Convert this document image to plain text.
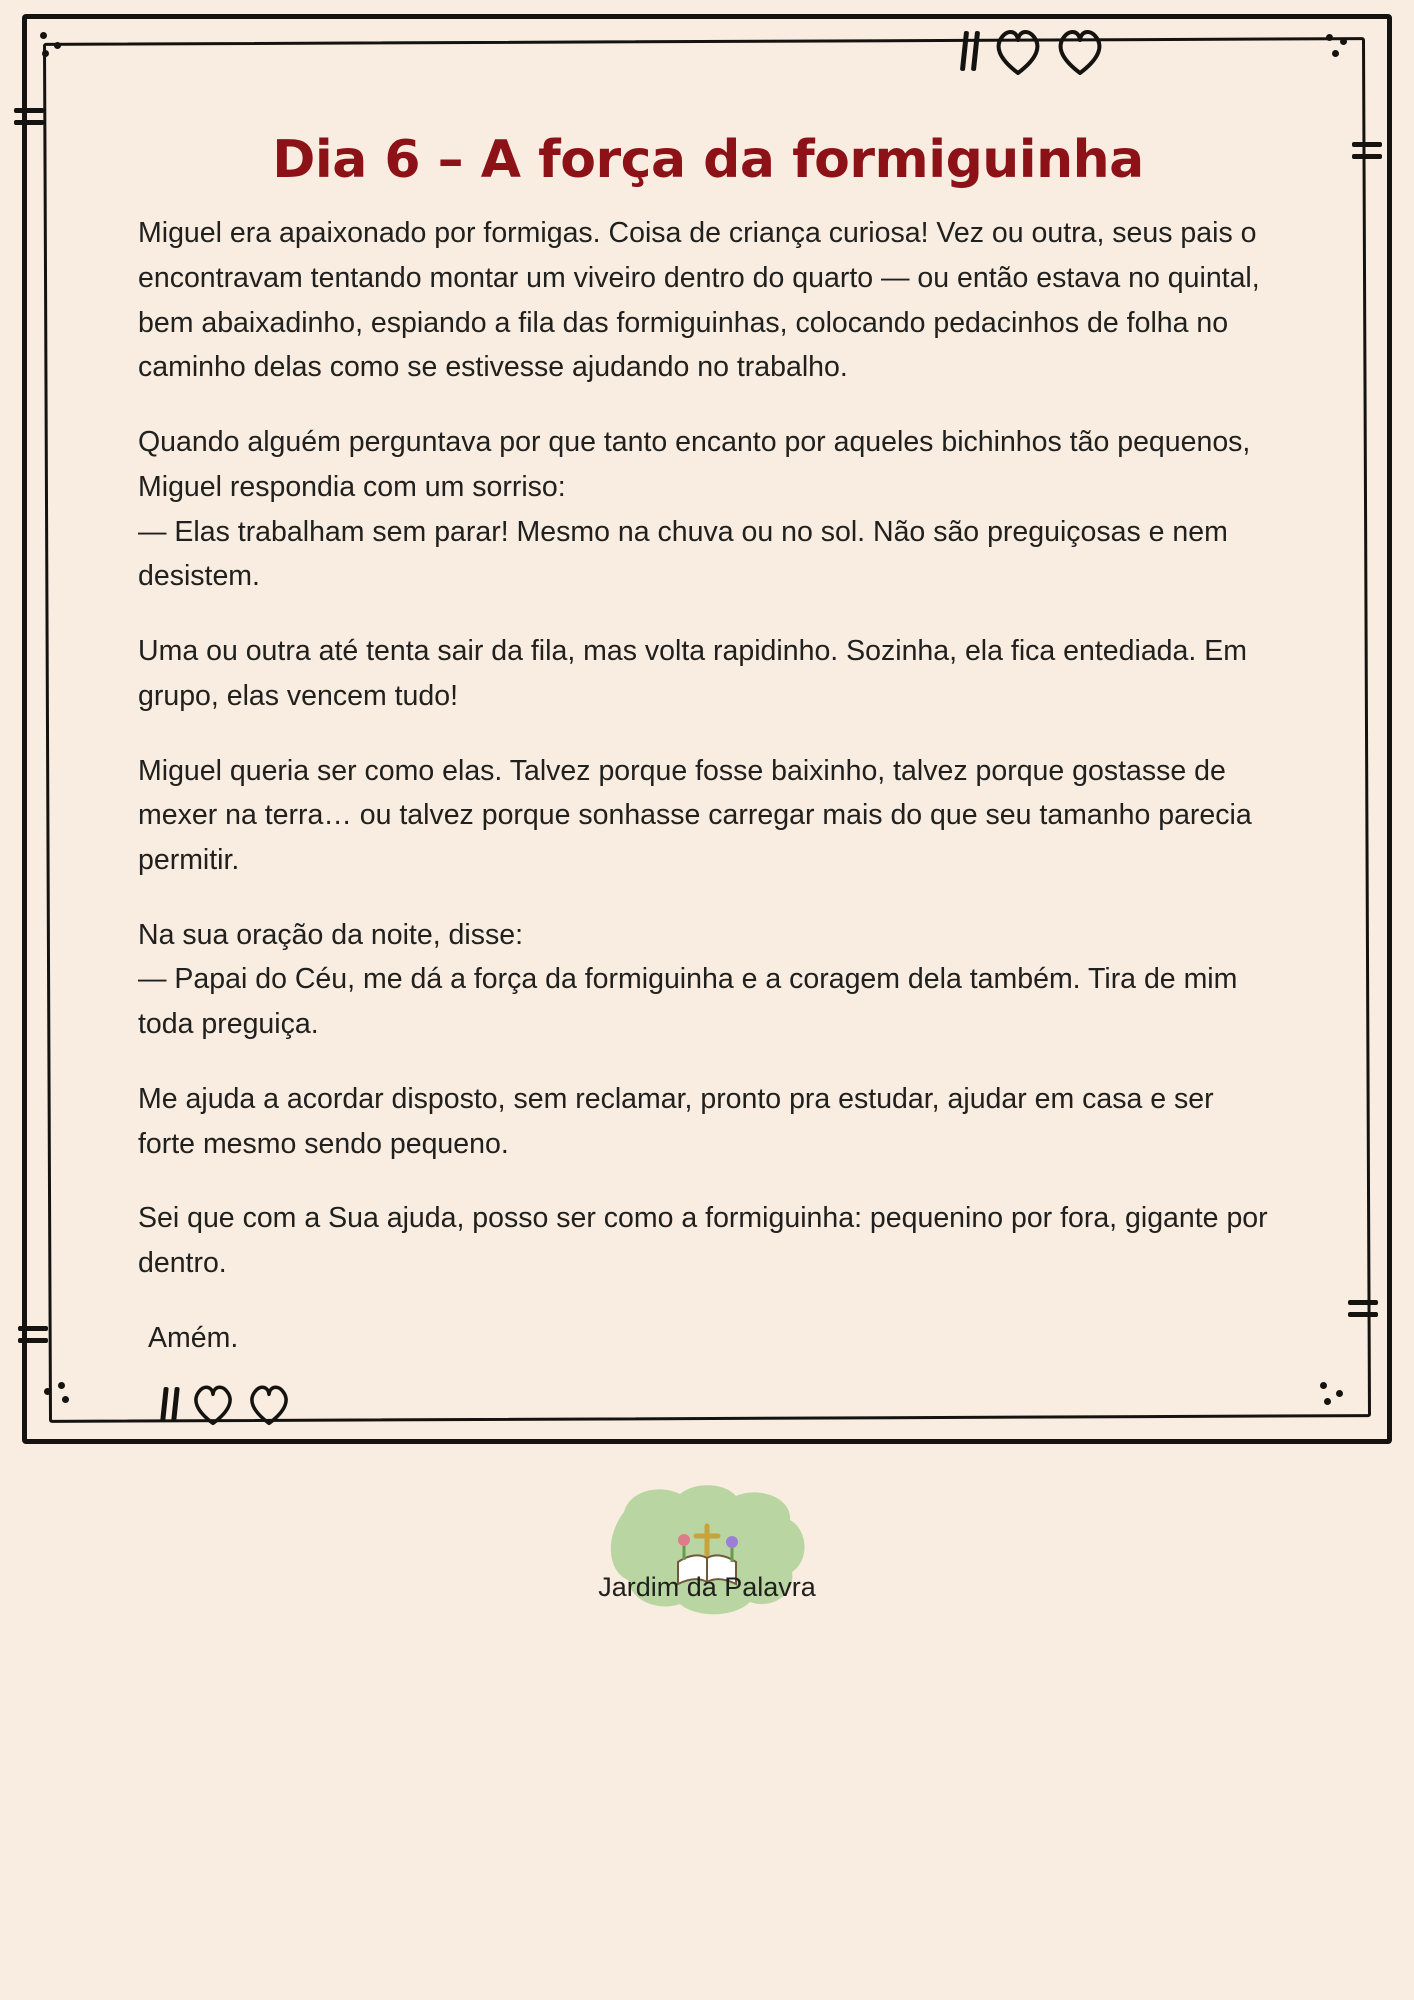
Dia 6 – A força da formiguinha

Miguel era apaixonado por formigas. Coisa de criança curiosa! Vez ou outra, seus pais o encontravam tentando montar um viveiro dentro do quarto — ou então estava no quintal, bem abaixadinho, espiando a fila das formiguinhas, colocando pedacinhos de folha no caminho delas como se estivesse ajudando no trabalho.

Quando alguém perguntava por que tanto encanto por aqueles bichinhos tão pequenos, Miguel respondia com um sorriso:
— Elas trabalham sem parar! Mesmo na chuva ou no sol. Não são preguiçosas e nem desistem.

Uma ou outra até tenta sair da fila, mas volta rapidinho. Sozinha, ela fica entediada. Em grupo, elas vencem tudo!

Miguel queria ser como elas. Talvez porque fosse baixinho, talvez porque gostasse de mexer na terra… ou talvez porque sonhasse carregar mais do que seu tamanho parecia permitir.

Na sua oração da noite, disse:
— Papai do Céu, me dá a força da formiguinha e a coragem dela também. Tira de mim toda preguiça.

Me ajuda a acordar disposto, sem reclamar, pronto pra estudar, ajudar em casa e ser forte mesmo sendo pequeno.

Sei que com a Sua ajuda, posso ser como a formiguinha: pequenino por fora, gigante por dentro.

Amém.

Jardim da Palavra
